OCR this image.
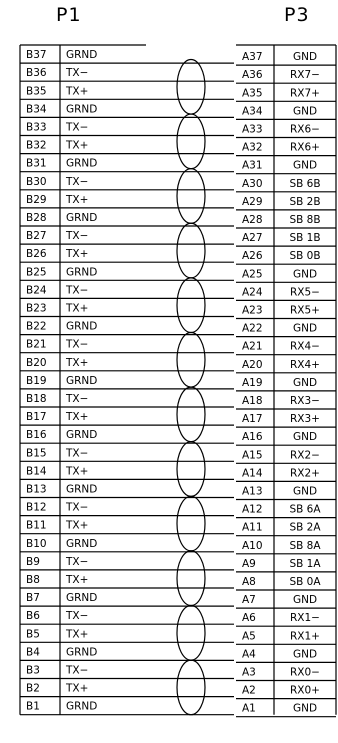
P1	P3
B37 GRND
B36 TX−
B35 TX+
B34 GRND
B33 TX−
B32 TX+
B31 GRND
B30 TX−
B29 TX+
B28 GRND
B27 TX−
B26 TX+
B25 GRND
B24 TX−
B23 TX+
B22 GRND
B21 TX−
B20 TX+
B19 GRND
B18 TX−
B17 TX+
B16 GRND
B15 TX−
B14 TX+
B13 GRND
B12 TX−
B11 TX+
B10 GRND
B9 TX−
B8 TX+
B7 GRND
B6 TX−
B5 TX+
B4 GRND
B3 TX−
B2 TX+
B1 GRND
A37	GND
A36	RX7−
A35	RX7+
A34	GND
A33	RX6−
A32	RX6+
A31	GND
A30	SB 6B
A29	SB 2B
A28	SB 8B
A27	SB 1B
A26	SB 0B
A25	GND
A24	RX5−
A23	RX5+
A22	GND
A21	RX4−
A20	RX4+
A19	GND
A18	RX3−
A17	RX3+
A16	GND
A15	RX2−
A14	RX2+
A13	GND
A12	SB 6A
A11	SB 2A
A10	SB 8A
A9	SB 1A
A8	SB 0A
A7	GND
A6	RX1−
A5	RX1+
A4	GND
A3	RX0−
A2	RX0+
A1	GND
